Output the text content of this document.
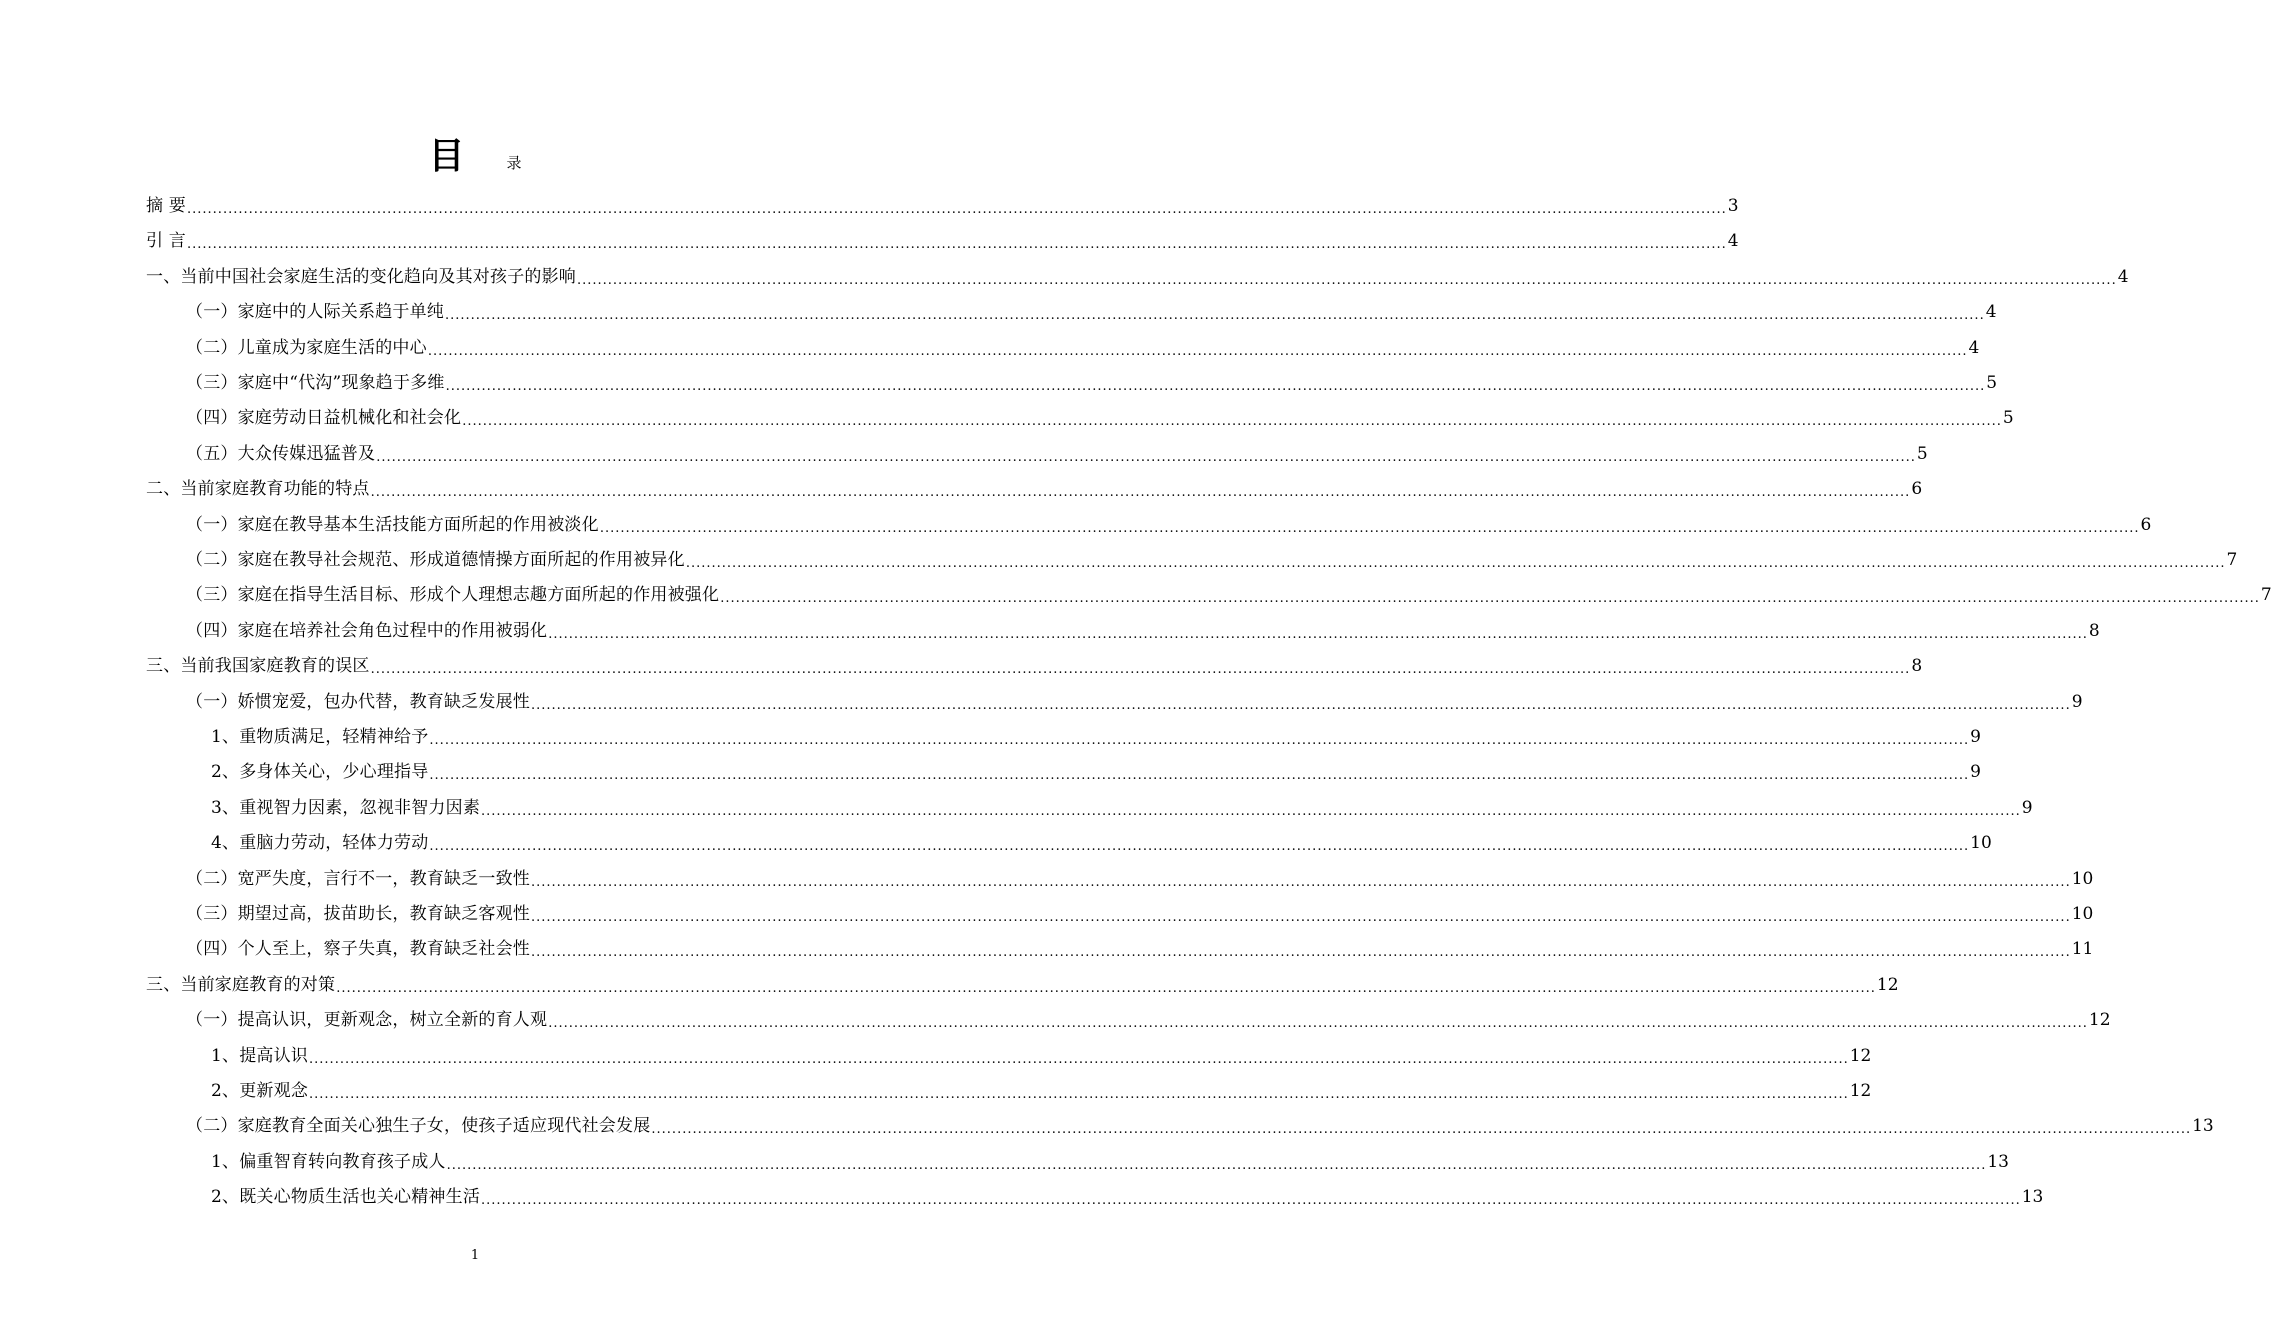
目	录
摘 要 ............................................................................................................................................................................................................................................................................................................ 3
引 言 ............................................................................................................................................................................................................................................................................................................ 4
一、当前中国社会家庭生活的变化趋向及其对孩子的影响 ............................................................................................................................................................................................................................................................................................................ 4
（一）家庭中的人际关系趋于单纯 ............................................................................................................................................................................................................................................................................................................ 4
（二）儿童成为家庭生活的中心 ............................................................................................................................................................................................................................................................................................................ 4
（三）家庭中“代沟”现象趋于多维 ............................................................................................................................................................................................................................................................................................................ 5
（四）家庭劳动日益机械化和社会化 ............................................................................................................................................................................................................................................................................................................ 5
（五）大众传媒迅猛普及 ............................................................................................................................................................................................................................................................................................................ 5
二、当前家庭教育功能的特点 ............................................................................................................................................................................................................................................................................................................ 6
（一）家庭在教导基本生活技能方面所起的作用被淡化 ............................................................................................................................................................................................................................................................................................................ 6
（二）家庭在教导社会规范、形成道德情操方面所起的作用被异化 ............................................................................................................................................................................................................................................................................................................ 7
（三）家庭在指导生活目标、形成个人理想志趣方面所起的作用被强化 ............................................................................................................................................................................................................................................................................................................ 7
（四）家庭在培养社会角色过程中的作用被弱化 ............................................................................................................................................................................................................................................................................................................ 8
三、当前我国家庭教育的误区 ............................................................................................................................................................................................................................................................................................................ 8
（一）娇惯宠爱，包办代替，教育缺乏发展性 ............................................................................................................................................................................................................................................................................................................ 9
1、重物质满足，轻精神给予 ............................................................................................................................................................................................................................................................................................................ 9
2、多身体关心，少心理指导 ............................................................................................................................................................................................................................................................................................................ 9
3、重视智力因素，忽视非智力因素 ............................................................................................................................................................................................................................................................................................................ 9
4、重脑力劳动，轻体力劳动 ............................................................................................................................................................................................................................................................................................................ 10
（二）宽严失度，言行不一，教育缺乏一致性 ............................................................................................................................................................................................................................................................................................................ 10
（三）期望过高，拔苗助长，教育缺乏客观性 ............................................................................................................................................................................................................................................................................................................ 10
（四）个人至上，察子失真，教育缺乏社会性 ............................................................................................................................................................................................................................................................................................................ 11
三、当前家庭教育的对策 ............................................................................................................................................................................................................................................................................................................ 12
（一）提高认识，更新观念，树立全新的育人观 ............................................................................................................................................................................................................................................................................................................ 12
1、提高认识 ............................................................................................................................................................................................................................................................................................................ 12
2、更新观念 ............................................................................................................................................................................................................................................................................................................ 12
（二）家庭教育全面关心独生子女，使孩子适应现代社会发展 ............................................................................................................................................................................................................................................................................................................ 13
1、偏重智育转向教育孩子成人 ............................................................................................................................................................................................................................................................................................................ 13
2、既关心物质生活也关心精神生活 ............................................................................................................................................................................................................................................................................................................ 13
1
